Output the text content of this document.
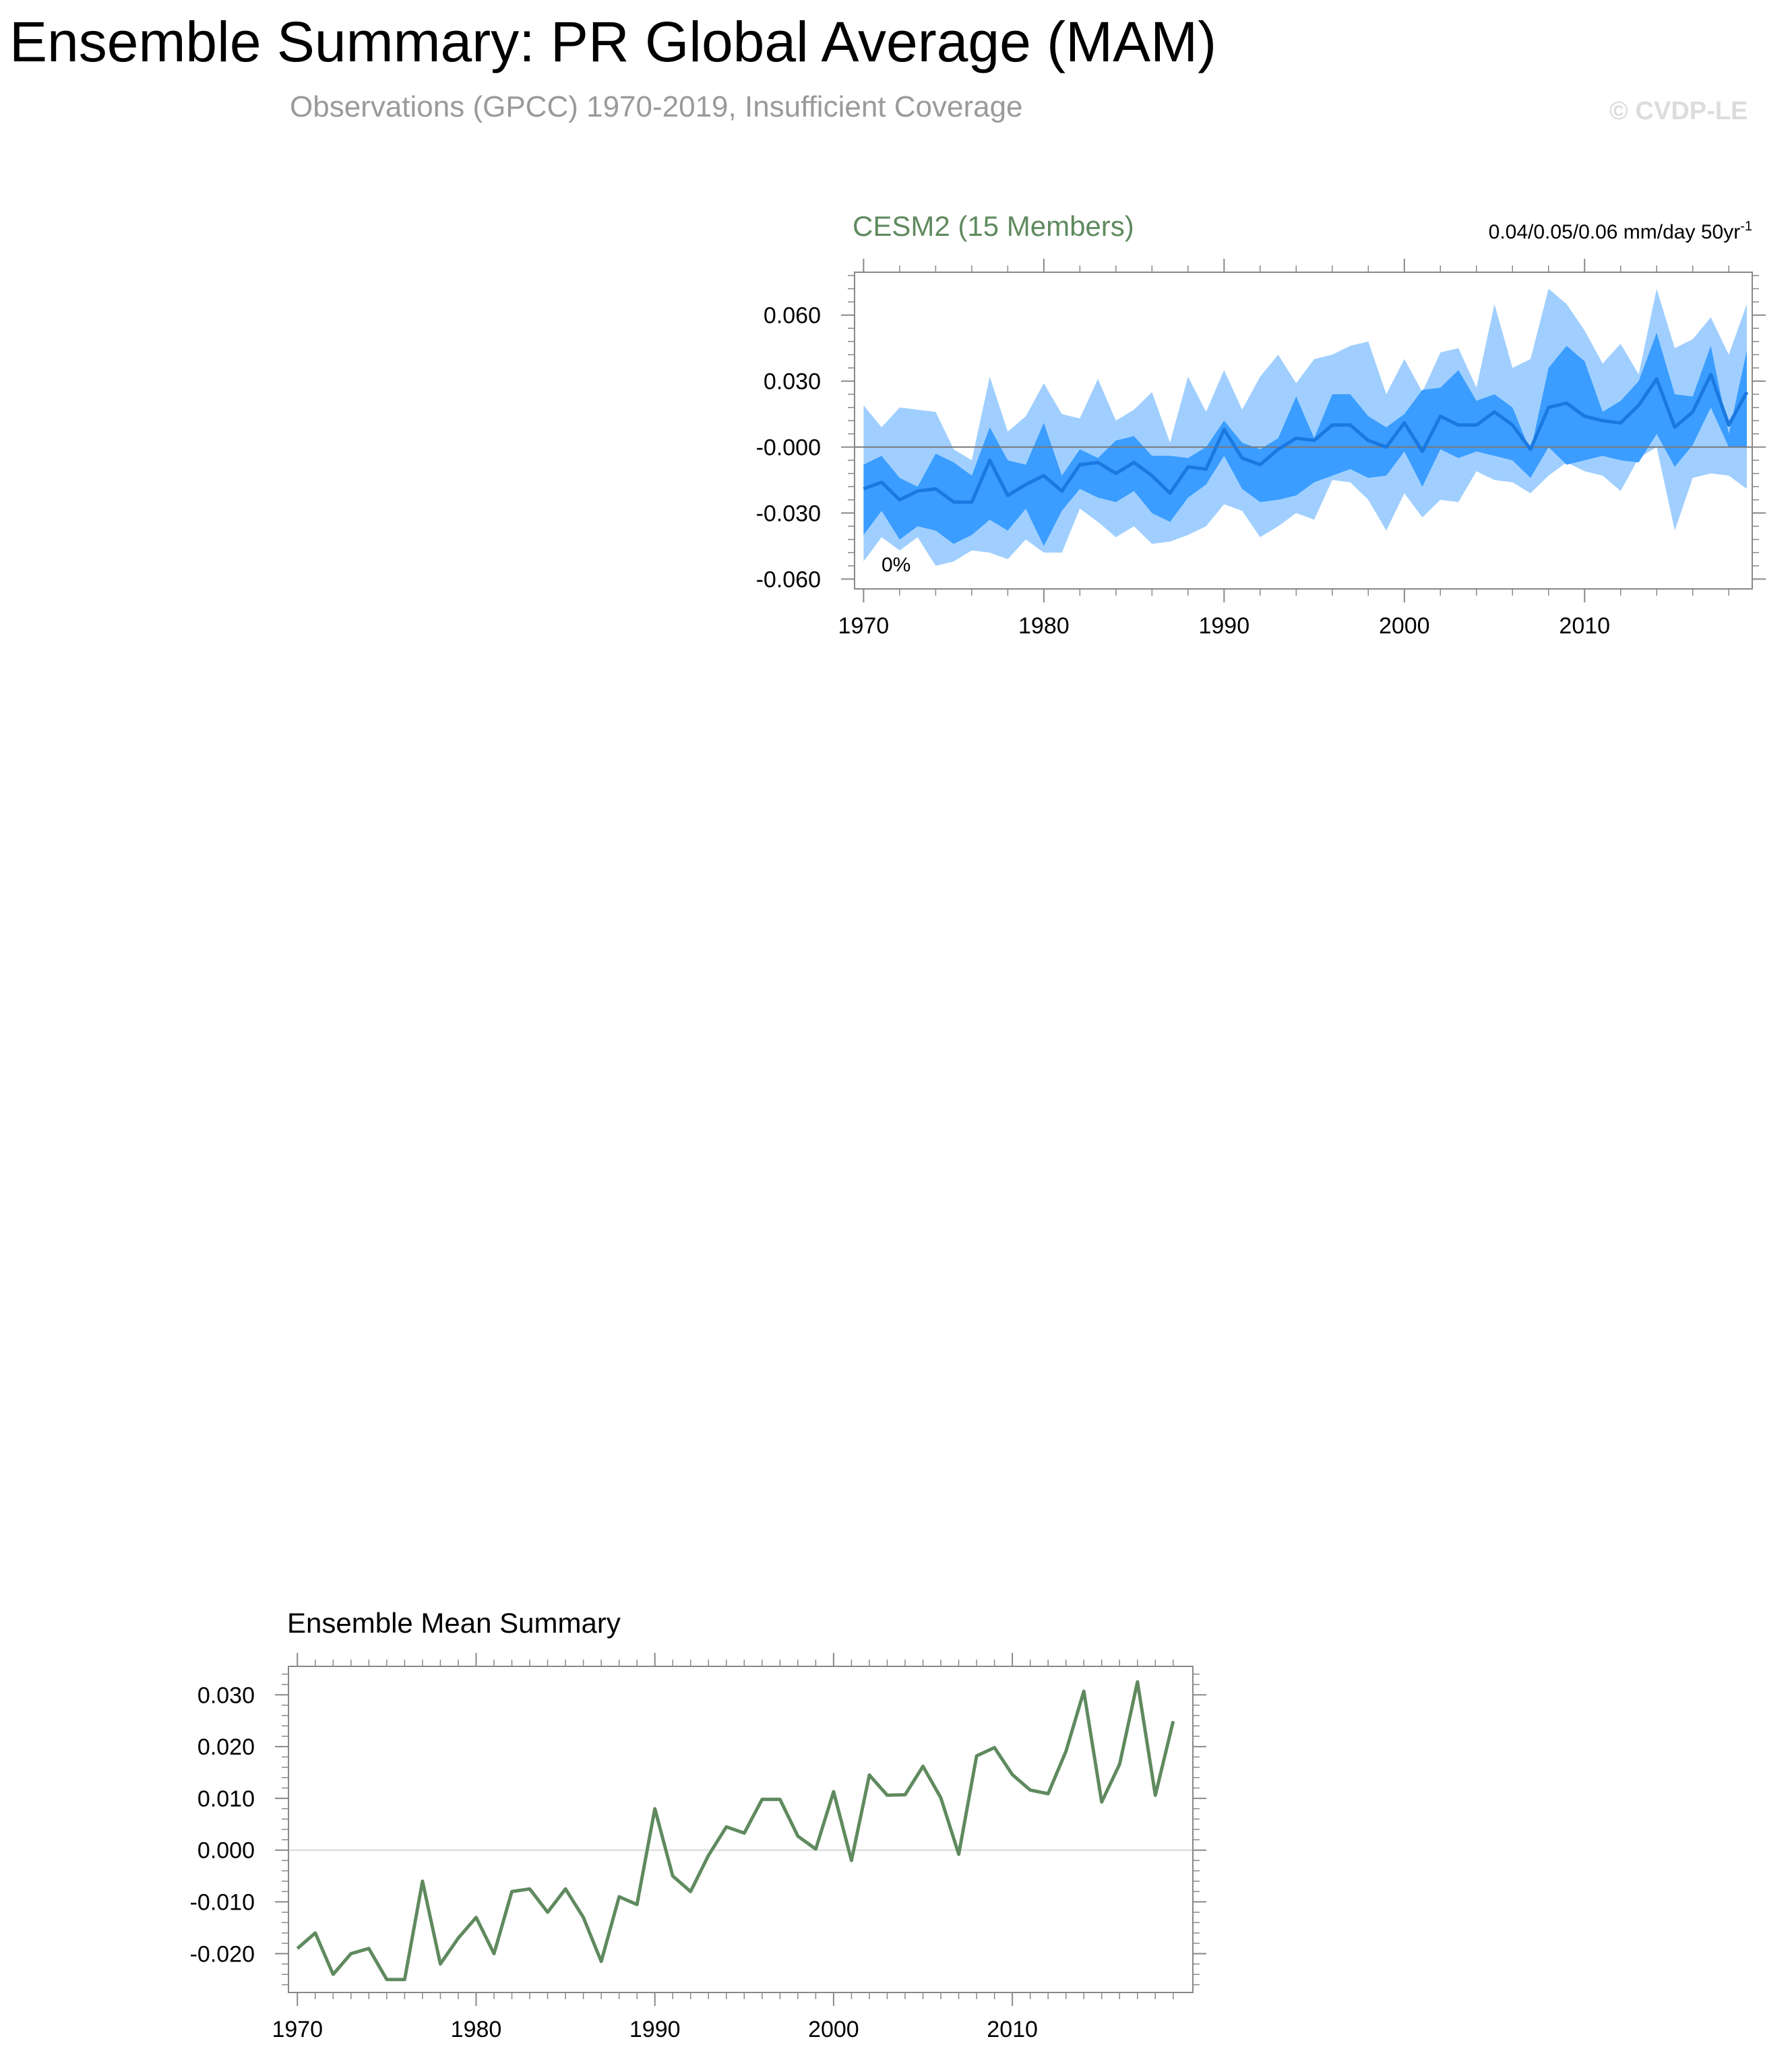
Ensemble Summary: PR Global Average (MAM)
Observations (GPCC) 1970-2019, Insufficient Coverage	© CVDP-LE
CESM2 (15 Members)	0.04/0.05/0.06 mm/day $50yr^{-1}$
1970	1980	1990	2000	2010
0.060
0.030
-0.000
-0.030
-0.060
0%
Ensemble Mean Summary
1970	1980	1990	2000	2010
0.030
0.020
0.010
0.000
-0.010
-0.020
